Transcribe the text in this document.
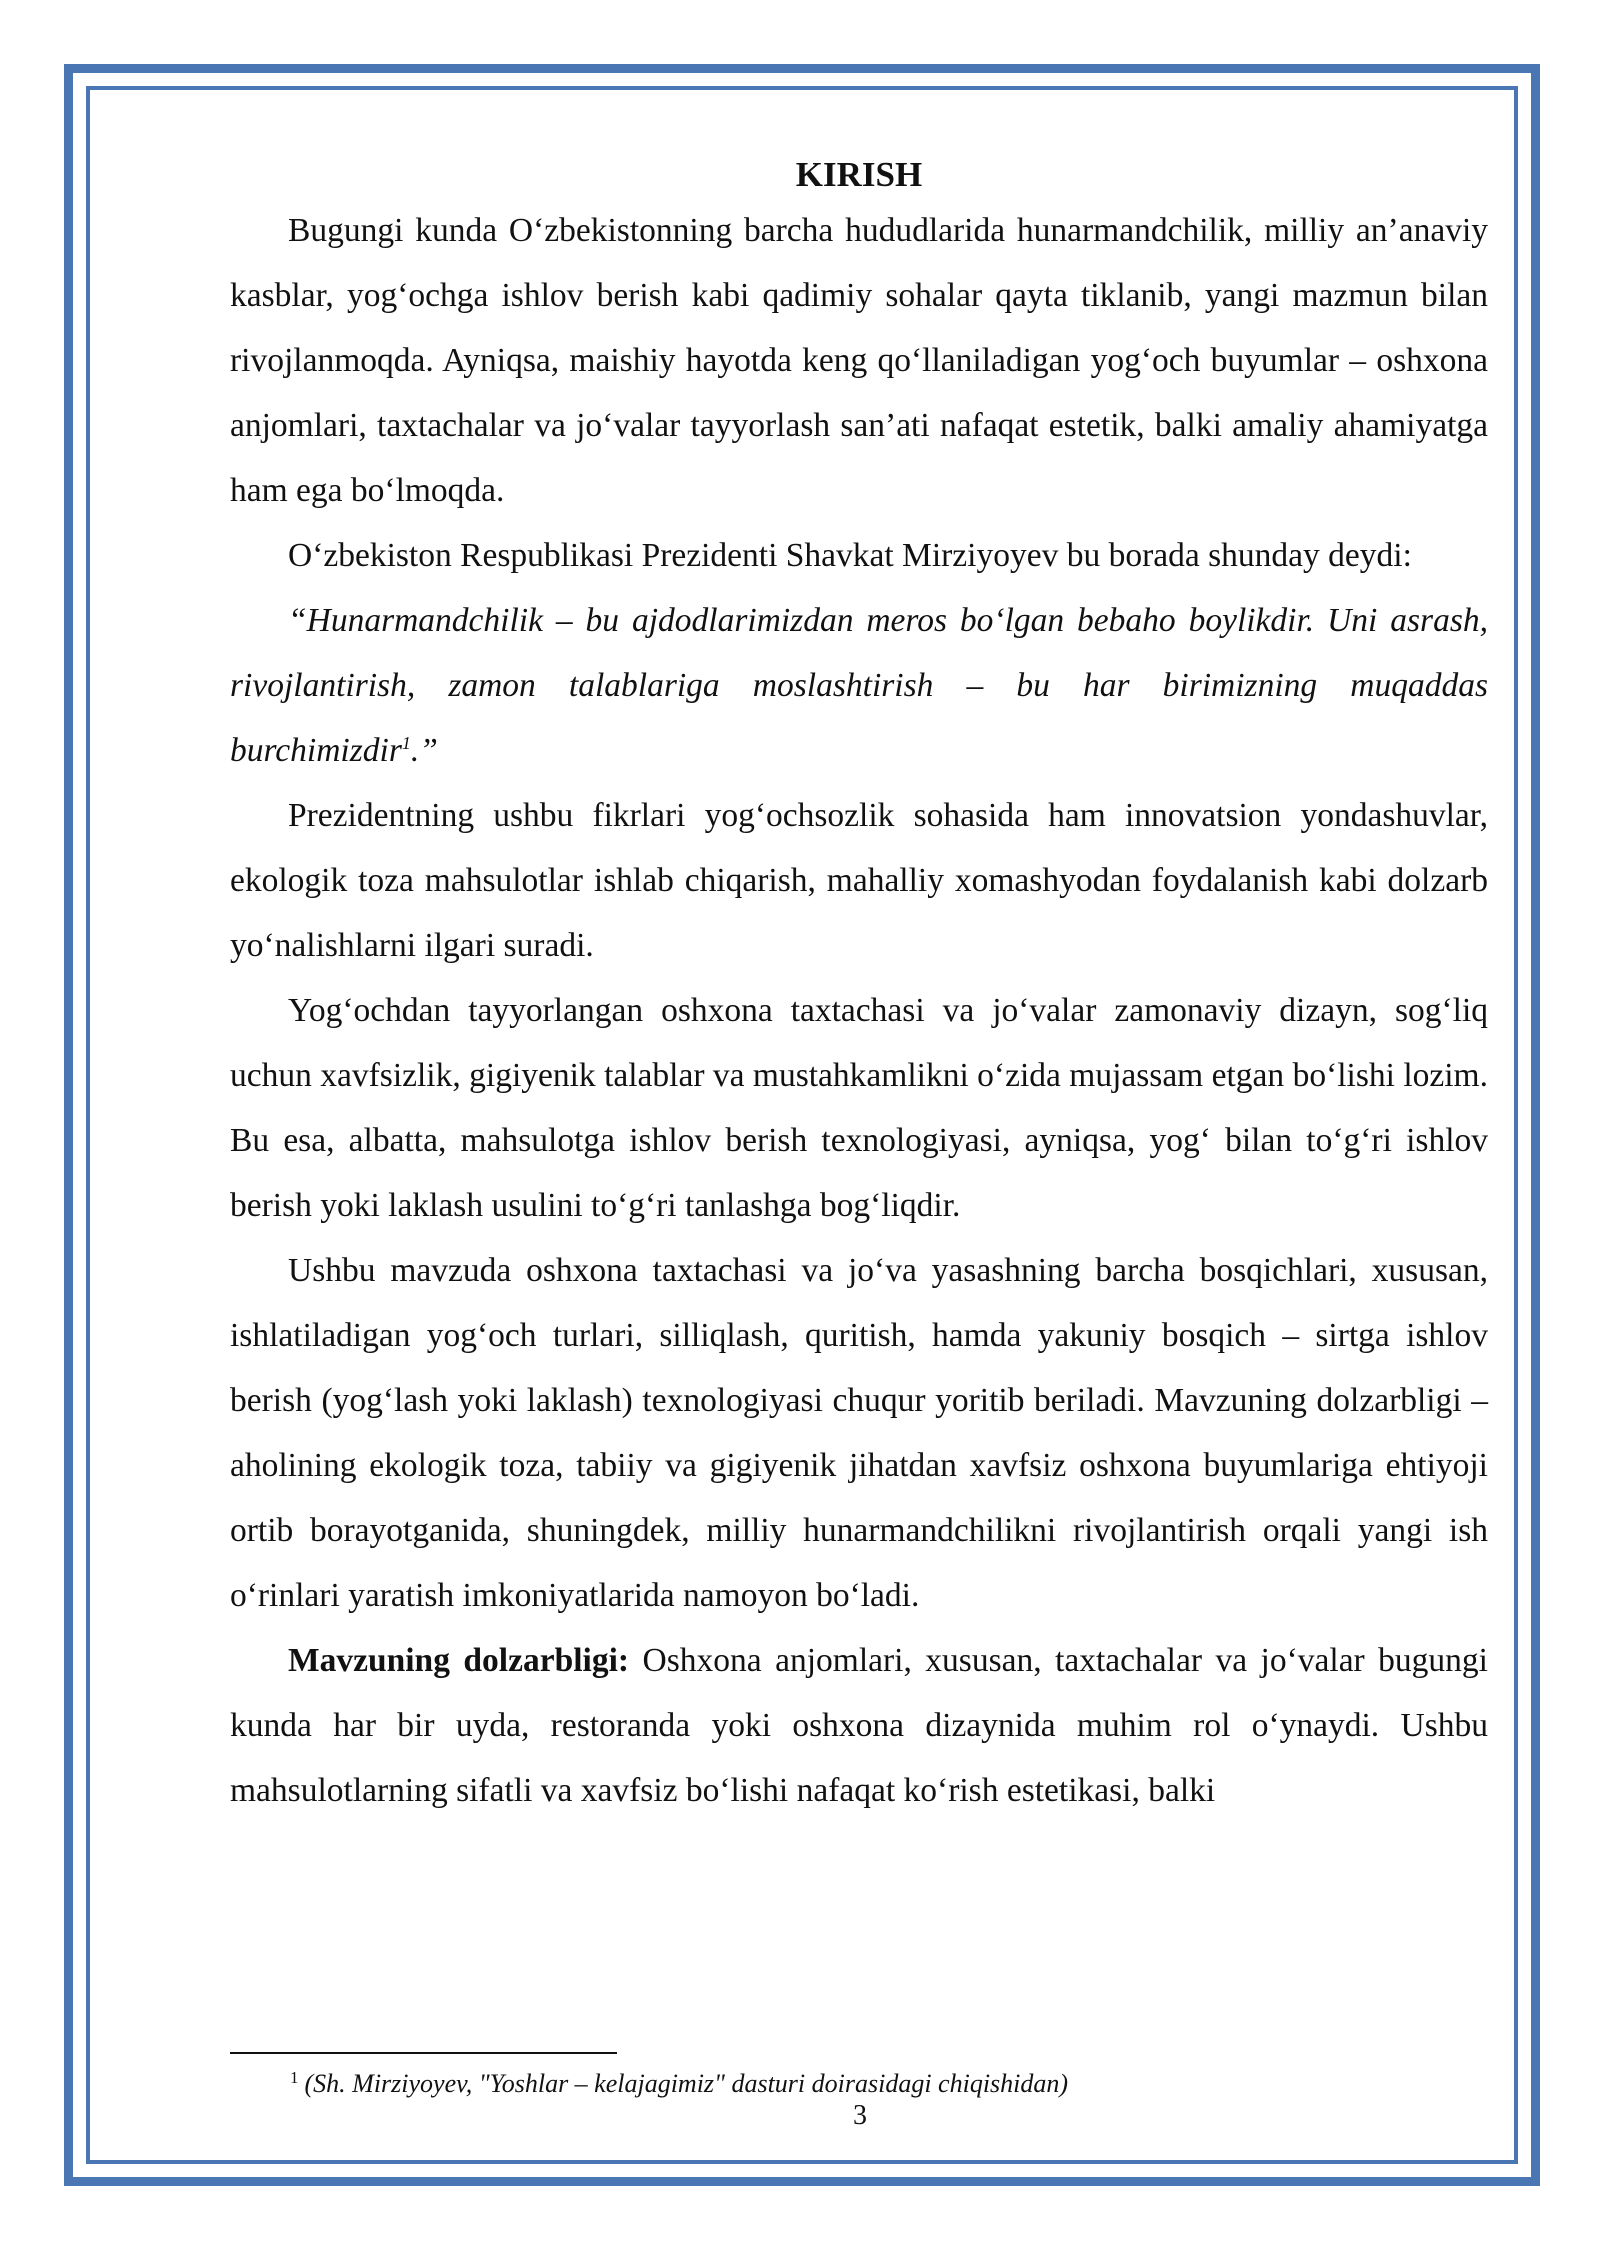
KIRISH

Bugungi kunda O‘zbekistonning barcha hududlarida hunarmandchilik, milliy an’anaviy kasblar, yog‘ochga ishlov berish kabi qadimiy sohalar qayta tiklanib, yangi mazmun bilan rivojlanmoqda. Ayniqsa, maishiy hayotda keng qo‘llaniladigan yog‘och buyumlar – oshxona anjomlari, taxtachalar va jo‘valar tayyorlash san’ati nafaqat estetik, balki amaliy ahamiyatga ham ega bo‘lmoqda.

O‘zbekiston Respublikasi Prezidenti Shavkat Mirziyoyev bu borada shunday deydi:

“Hunarmandchilik – bu ajdodlarimizdan meros bo‘lgan bebaho boylikdir. Uni asrash, rivojlantirish, zamon talablariga moslashtirish – bu har birimizning muqaddas burchimizdir$^1$.”

Prezidentning ushbu fikrlari yog‘ochsozlik sohasida ham innovatsion yondashuvlar, ekologik toza mahsulotlar ishlab chiqarish, mahalliy xomashyodan foydalanish kabi dolzarb yo‘nalishlarni ilgari suradi.

Yog‘ochdan tayyorlangan oshxona taxtachasi va jo‘valar zamonaviy dizayn, sog‘liq uchun xavfsizlik, gigiyenik talablar va mustahkamlikni o‘zida mujassam etgan bo‘lishi lozim. Bu esa, albatta, mahsulotga ishlov berish texnologiyasi, ayniqsa, yog‘ bilan to‘g‘ri ishlov berish yoki laklash usulini to‘g‘ri tanlashga bog‘liqdir.

Ushbu mavzuda oshxona taxtachasi va jo‘va yasashning barcha bosqichlari, xususan, ishlatiladigan yog‘och turlari, silliqlash, quritish, hamda yakuniy bosqich – sirtga ishlov berish (yog‘lash yoki laklash) texnologiyasi chuqur yoritib beriladi. Mavzuning dolzarbligi – aholining ekologik toza, tabiiy va gigiyenik jihatdan xavfsiz oshxona buyumlariga ehtiyoji ortib borayotganida, shuningdek, milliy hunarmandchilikni rivojlantirish orqali yangi ish o‘rinlari yaratish imkoniyatlarida namoyon bo‘ladi.

Mavzuning dolzarbligi: Oshxona anjomlari, xususan, taxtachalar va jo‘valar bugungi kunda har bir uyda, restoranda yoki oshxona dizaynida muhim rol o‘ynaydi. Ushbu mahsulotlarning sifatli va xavfsiz bo‘lishi nafaqat ko‘rish estetikasi, balki

$^1$ (Sh. Mirziyoyev, "Yoshlar – kelajagimiz" dasturi doirasidagi chiqishidan)
3
